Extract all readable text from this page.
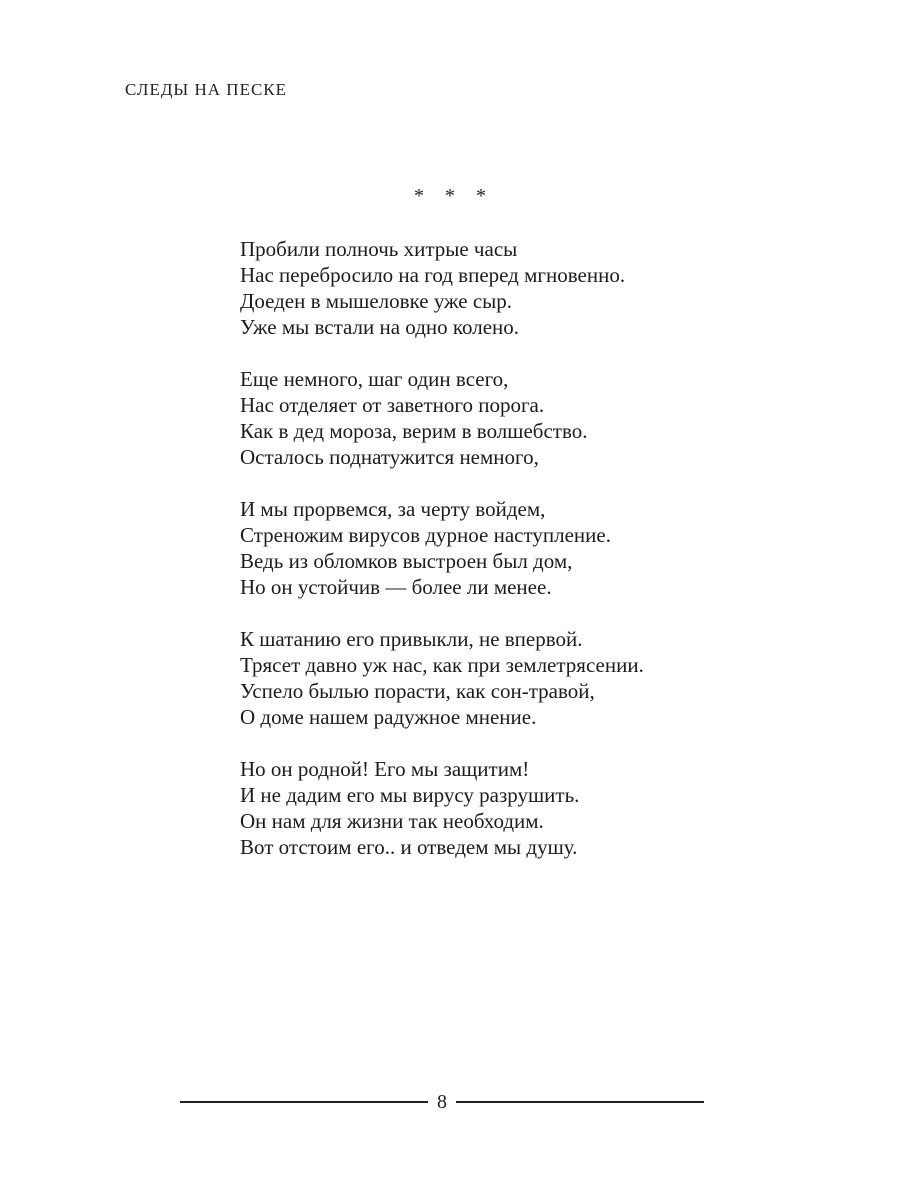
СЛЕДЫ НА ПЕСКЕ
* * *
Пробили полночь хитрые часы
Нас перебросило на год вперед мгновенно.
Доеден в мышеловке уже сыр.
Уже мы встали на одно колено.
Еще немного, шаг один всего,
Нас отделяет от заветного порога.
Как в дед мороза, верим в волшебство.
Осталось поднатужится немного,
И мы прорвемся, за черту войдем,
Стреножим вирусов дурное наступление.
Ведь из обломков выстроен был дом,
Но он устойчив — более ли менее.
К шатанию его привыкли, не впервой.
Трясет давно уж нас, как при землетрясении.
Успело былью порасти, как сон-травой,
О доме нашем радужное мнение.
Но он родной! Его мы защитим!
И не дадим его мы вирусу разрушить.
Он нам для жизни так необходим.
Вот отстоим его.. и отведем мы душу.
8
